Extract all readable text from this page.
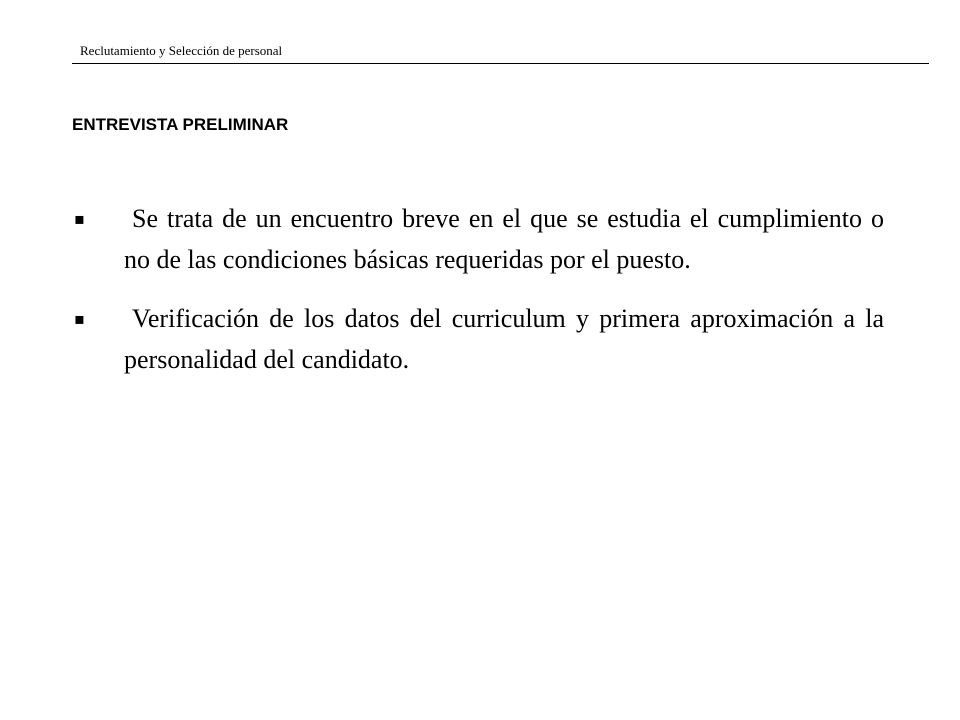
Reclutamiento y Selección de personal
ENTREVISTA PRELIMINAR
▪ Se trata de un encuentro breve en el que se estudia el cumplimiento o no de las condiciones básicas requeridas por el puesto.
▪ Verificación de los datos del curriculum y primera aproximación a la personalidad del candidato.
